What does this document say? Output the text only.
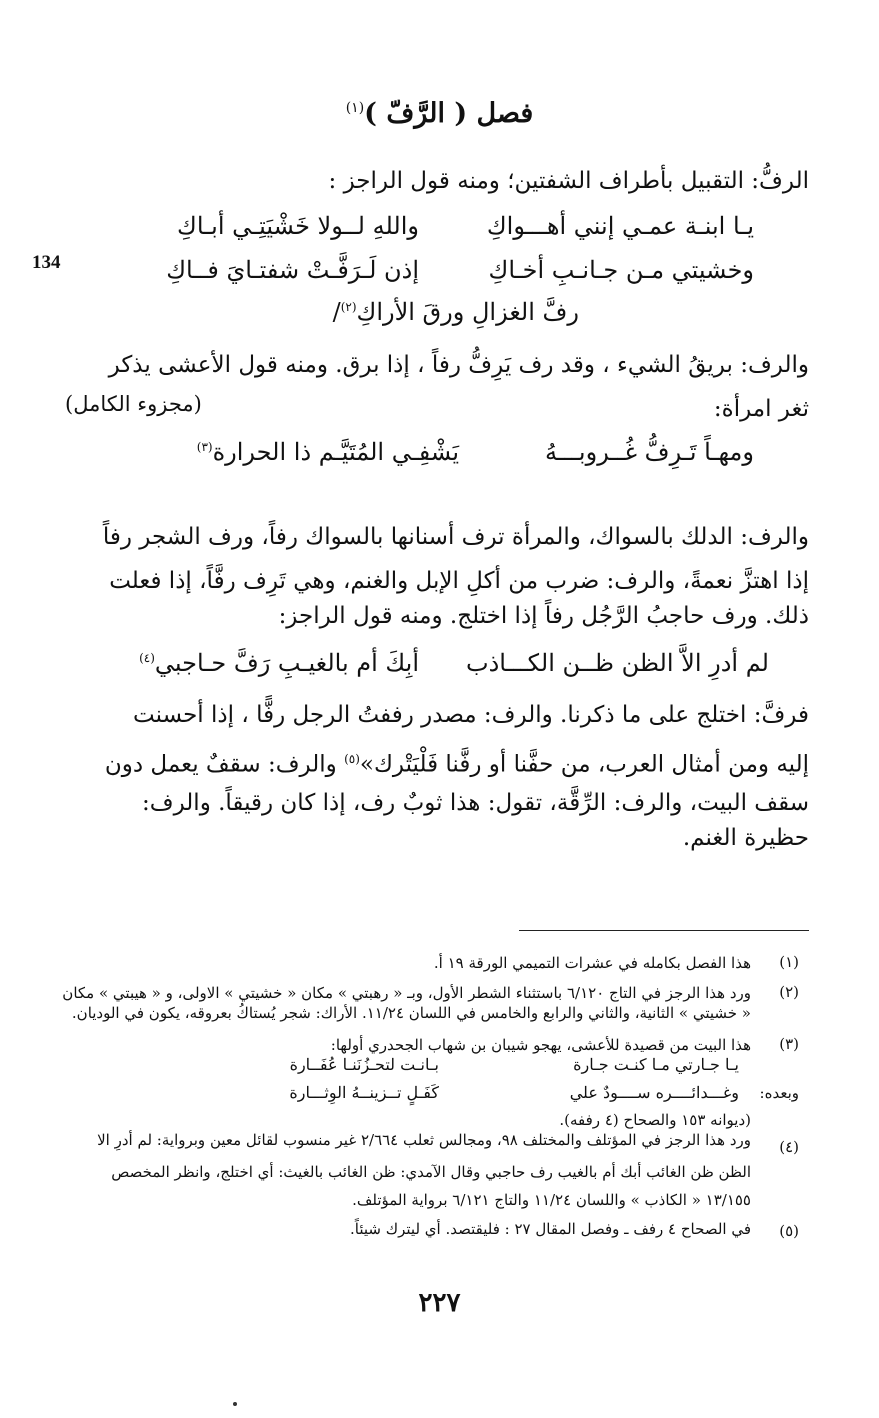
فصل ( الرَّفّ )$^{(١)}$
134
الرفُّ: التقبيل بأطراف الشفتين؛ ومنه قول الراجز :
يـا ابنـة عمـي إنني أهـــواكِ
واللهِ لــولا خَشْيَتِـي أبـاكِ
وخشيتي مـن جـانـبِ أخـاكِ
إذن لَـرَفَّـتْ شفتـايَ فــاكِ
رفَّ الغزالِ ورقَ الأراكِ$^{(٢)}$/
والرف: بريقُ الشيء ، وقد رف يَرِفُّ رفاً ، إذا برق. ومنه قول الأعشى يذكر
ثغر امرأة:
(مجزوء الكامل)
ومهـاً تَـرِفُّ غُــروبـــهُ
يَشْفِـي المُتَيَّـم ذا الحرارة$^{(٣)}$
والرف: الدلك بالسواك، والمرأة ترف أسنانها بالسواك رفاً، ورف الشجر رفاً
إذا اهتزَّ نعمةً، والرف: ضرب من أكلِ الإبل والغنم، وهي تَرِف رفَّاً، إذا فعلت
ذلك. ورف حاجبُ الرَّجُل رفاً إذا اختلج. ومنه قول الراجز:
لم أدرِ الاَّ الظن ظــن الكـــاذب
أبِكَ أم بالغيـبِ رَفَّ حـاجبي$^{(٤)}$
فرفَّ: اختلج على ما ذكرنا. والرف: مصدر رففتُ الرجل رفًّا ، إذا أحسنت
إليه ومن أمثال العرب، من حفَّنا أو رفَّنا فَلْيَتْرك»$^{(٥)}$ والرف: سقفٌ يعمل دون
سقف البيت، والرف: الرِّقَّة، تقول: هذا ثوبٌ رف، إذا كان رقيقاً. والرف:
حظيرة الغنم.
(١)
هذا الفصل بكامله في عشرات التميمي الورقة ١٩ أ.
(٢)
ورد هذا الرجز في التاج ٦/١٢٠ باستثناء الشطر الأول، وبـ « رهبتي » مكان « خشيتي » الاولى، و « هيبتي » مكان
« خشيتي » الثانية، والثاني والرابع والخامس في اللسان ١١/٢٤. الأراك: شجر يُستاكُ بعروقه، يكون في الوديان.
(٣)
هذا البيت من قصيدة للأعشى، يهجو شيبان بن شهاب الجحدري أولها:
يـا جـارتي مـا كنـت جـارة
بـانـت لتحـزُنَنـا عُفَــارة
وبعده:
وغـــدائــــره ســــودٌ علي
كَفَـلٍ تــزينــهُ الوِثـــارة
(ديوانه ١٥٣ والصحاح (٤ رففه).
(٤)
ورد هذا الرجز في المؤتلف والمختلف ٩٨، ومجالس ثعلب ٢/٦٦٤ غير منسوب لقائل معين وبرواية: لم أدرِ الا
الظن ظن الغائب أبك أم بالغيب رف حاجبي وقال الآمدي: ظن الغائب بالغيث: أي اختلج، وانظر المخصص
١٣/١٥٥ « الكاذب » واللسان ١١/٢٤ والتاج ٦/١٢١ برواية المؤتلف.
(٥)
في الصحاح ٤ رفف ـ وفصل المقال ٢٧ : فليقتصد. أي ليترك شيئاً.
٢٢٧
